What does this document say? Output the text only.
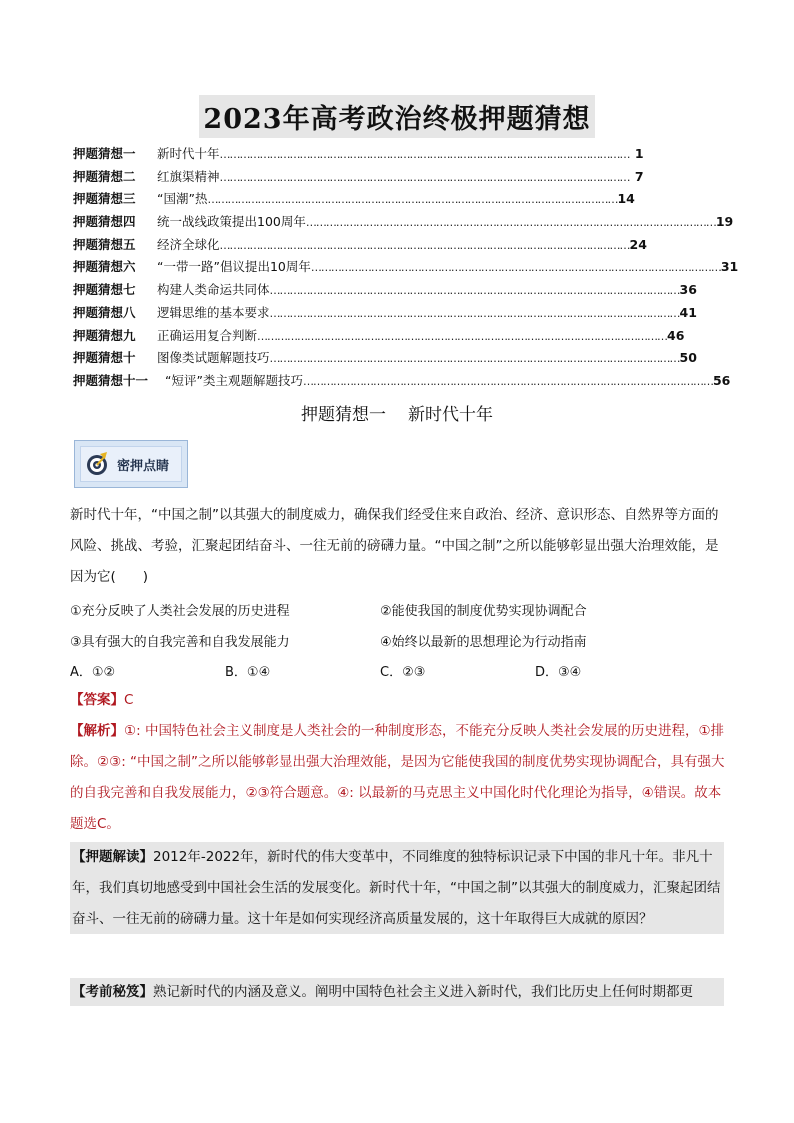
2023年高考政治终极押题猜想
押题猜想一	新时代十年 …………………………………………………………………………………………………………… 1
押题猜想二	红旗渠精神 …………………………………………………………………………………………………………… 7
押题猜想三	“国潮”热 …………………………………………………………………………………………………………… 14
押题猜想四	统一战线政策提出100周年 …………………………………………………………………………………………………………… 19
押题猜想五	经济全球化 …………………………………………………………………………………………………………… 24
押题猜想六	“一带一路”倡议提出10周年 …………………………………………………………………………………………………………… 31
押题猜想七	构建人类命运共同体 …………………………………………………………………………………………………………… 36
押题猜想八	逻辑思维的基本要求 …………………………………………………………………………………………………………… 41
押题猜想九	正确运用复合判断 …………………………………………………………………………………………………………… 46
押题猜想十	图像类试题解题技巧 …………………………………………………………………………………………………………… 50
押题猜想十一	“短评”类主观题解题技巧 …………………………………………………………………………………………………………… 56
押题猜想一 新时代十年
密押点睛
新时代十年，“中国之制”以其强大的制度威力，确保我们经受住来自政治、经济、意识形态、自然界等方面的风险、挑战、考验，汇聚起团结奋斗、一往无前的磅礴力量。“中国之制”之所以能够彰显出强大治理效能，是因为它(　　)
①充分反映了人类社会发展的历史进程	②能使我国的制度优势实现协调配合
③具有强大的自我完善和自我发展能力	④始终以最新的思想理论为行动指南
A．①②	B．①④	C．②③	D．③④
【答案】C
【解析】①: 中国特色社会主义制度是人类社会的一种制度形态，不能充分反映人类社会发展的历史进程，①排除。②③: “中国之制”之所以能够彰显出强大治理效能，是因为它能使我国的制度优势实现协调配合，具有强大的自我完善和自我发展能力，②③符合题意。④: 以最新的马克思主义中国化时代化理论为指导，④错误。故本题选C。
【押题解读】2012年-2022年，新时代的伟大变革中，不同维度的独特标识记录下中国的非凡十年。非凡十年，我们真切地感受到中国社会生活的发展变化。新时代十年，“中国之制”以其强大的制度威力，汇聚起团结奋斗、一往无前的磅礴力量。这十年是如何实现经济高质量发展的，这十年取得巨大成就的原因？
【考前秘笈】熟记新时代的内涵及意义。阐明中国特色社会主义进入新时代，我们比历史上任何时期都更
